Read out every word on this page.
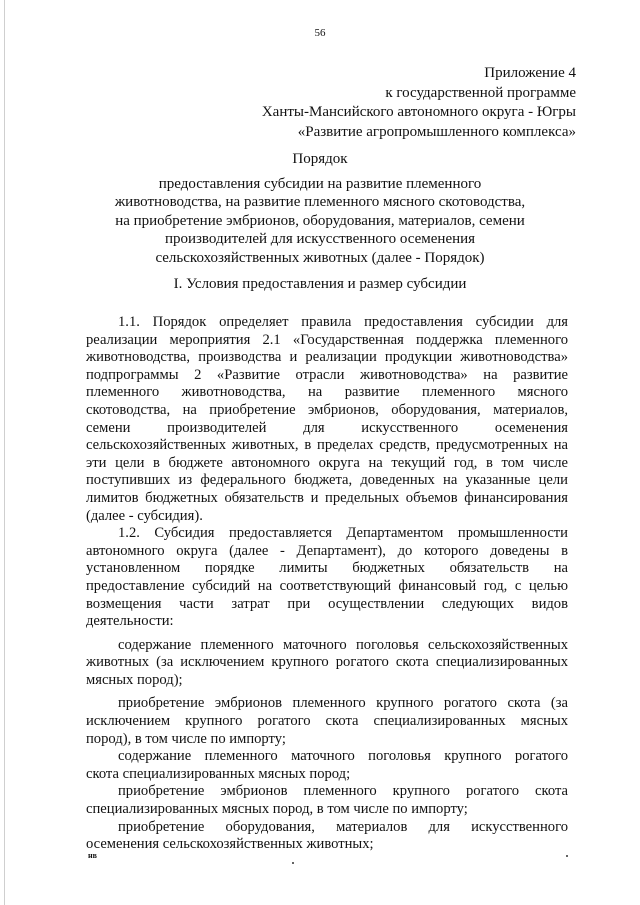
56
Приложение 4
к государственной программе
Ханты-Мансийского автономного округа - Югры
«Развитие агропромышленного комплекса»
Порядок
предоставления субсидии на развитие племенного
животноводства, на развитие племенного мясного скотоводства,
на приобретение эмбрионов, оборудования, материалов, семени
производителей для искусственного осеменения
сельскохозяйственных животных (далее - Порядок)
I. Условия предоставления и размер субсидии

1.1. Порядок определяет правила предоставления субсидии для

реализации мероприятия 2.1 «Государственная поддержка племенного

животноводства, производства и реализации продукции животноводства»

подпрограммы 2 «Развитие отрасли животноводства» на развитие

племенного животноводства, на развитие племенного мясного

скотоводства, на приобретение эмбрионов, оборудования, материалов,

семени производителей для искусственного осеменения

сельскохозяйственных животных, в пределах средств, предусмотренных на

эти цели в бюджете автономного округа на текущий год, в том числе

поступивших из федерального бюджета, доведенных на указанные цели

лимитов бюджетных обязательств и предельных объемов финансирования

(далее - субсидия).

1.2. Субсидия предоставляется Департаментом промышленности

автономного округа (далее - Департамент), до которого доведены в

установленном порядке лимиты бюджетных обязательств на

предоставление субсидий на соответствующий финансовый год, с целью

возмещения части затрат при осуществлении следующих видов

деятельности:

содержание племенного маточного поголовья сельскохозяйственных

животных (за исключением крупного рогатого скота специализированных

мясных пород);

приобретение эмбрионов племенного крупного рогатого скота (за

исключением крупного рогатого скота специализированных мясных

пород), в том числе по импорту;

содержание племенного маточного поголовья крупного рогатого

скота специализированных мясных пород;

приобретение эмбрионов племенного крупного рогатого скота

специализированных мясных пород, в том числе по импорту;

приобретение оборудования, материалов для искусственного

осеменения сельскохозяйственных животных;

нв
